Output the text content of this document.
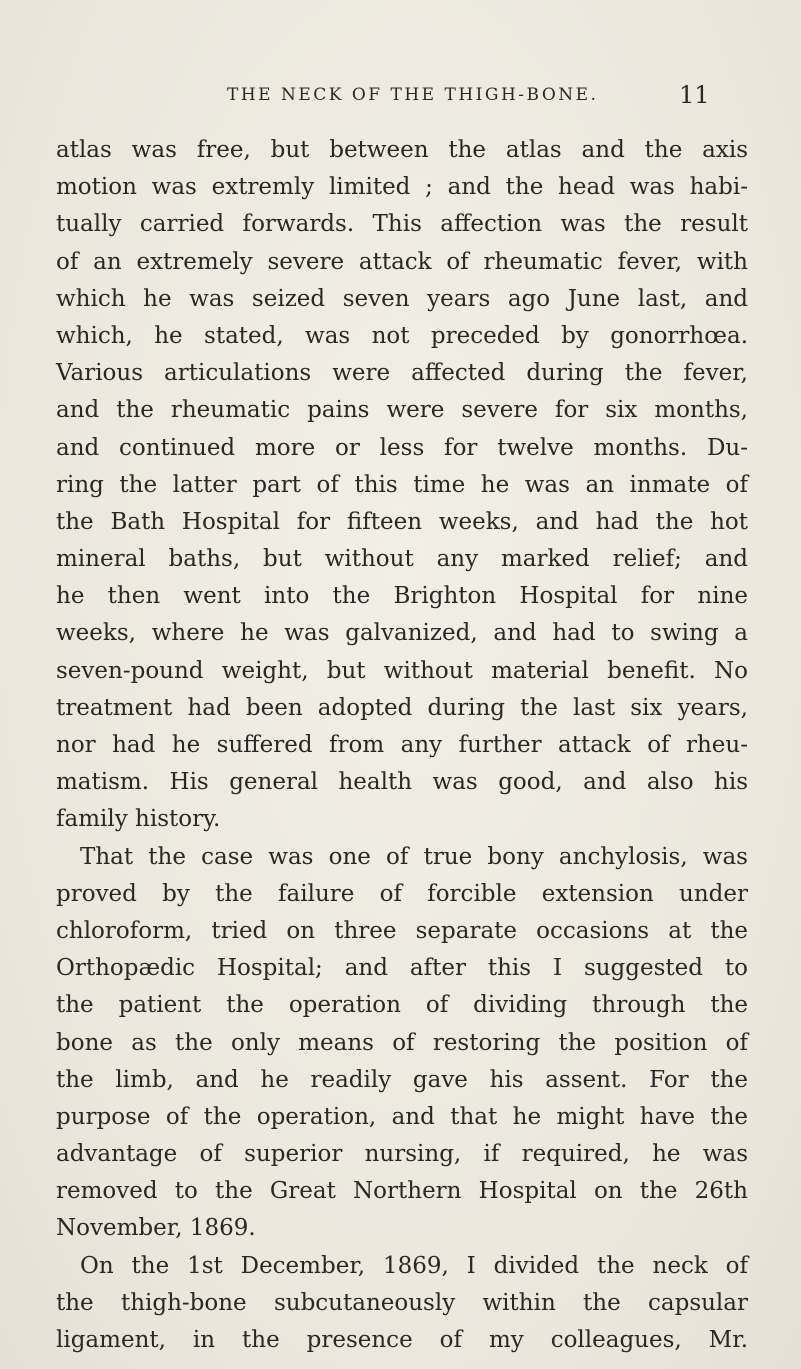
THE NECK OF THE THIGH-BONE.	11
atlas was free, but between the atlas and the axis
motion was extremly limited ; and the head was habi-
tually carried forwards. This affection was the result
of an extremely severe attack of rheumatic fever, with
which he was seized seven years ago June last, and
which, he stated, was not preceded by gonorrhœa.
Various articulations were affected during the fever,
and the rheumatic pains were severe for six months,
and continued more or less for twelve months. Du-
ring the latter part of this time he was an inmate of
the Bath Hospital for fifteen weeks, and had the hot
mineral baths, but without any marked relief; and
he then went into the Brighton Hospital for nine
weeks, where he was galvanized, and had to swing a
seven-pound weight, but without material benefit. No
treatment had been adopted during the last six years,
nor had he suffered from any further attack of rheu-
matism. His general health was good, and also his
family history.
That the case was one of true bony anchylosis, was
proved by the failure of forcible extension under
chloroform, tried on three separate occasions at the
Orthopædic Hospital; and after this I suggested to
the patient the operation of dividing through the
bone as the only means of restoring the position of
the limb, and he readily gave his assent. For the
purpose of the operation, and that he might have the
advantage of superior nursing, if required, he was
removed to the Great Northern Hospital on the 26th
November, 1869.
On the 1st December, 1869, I divided the neck of
the thigh-bone subcutaneously within the capsular
ligament, in the presence of my colleagues, Mr.
